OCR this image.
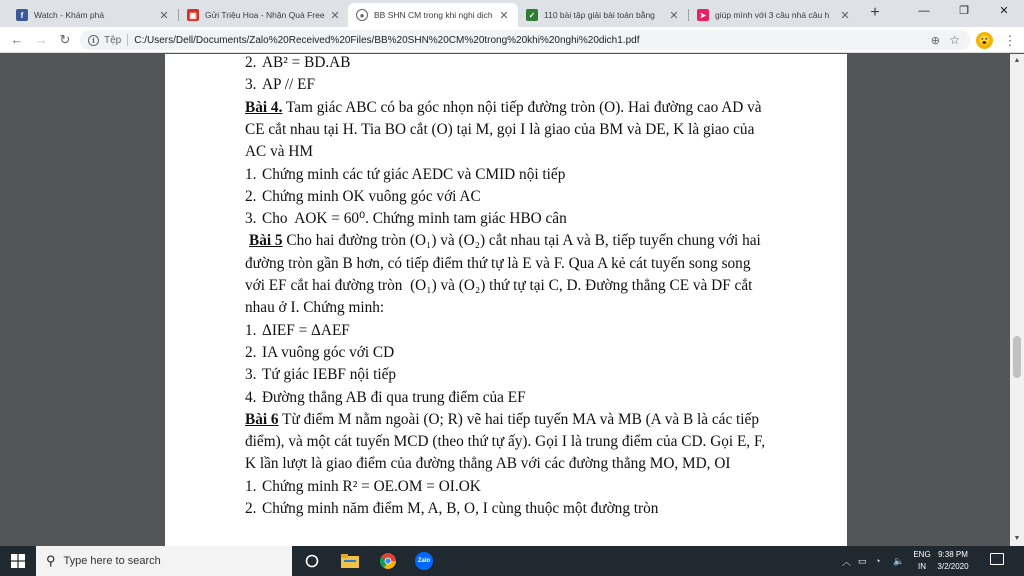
f	Watch - Khám phá	✕	▣ Gửi Triệu Hoa - Nhận Quà Free ✕	●	BB SHN CM trong khi nghi dịch ✕	✓	110 bài tập giải bài toán bằng	✕	➤	giúp mình với 3 câu nhá câu h	✕ +	—	❐	✕
← → ↻	i Tệp C:/Users/Dell/Documents/Zalo%20Received%20Files/BB%20SHN%20CM%20trong%20khi%20nghi%20dich1.pdf	⊕ ☆ 😮 ⋮
2. AB² = BD.AB
3. AP // EF
Bài 4. Tam giác ABC có ba góc nhọn nội tiếp đường tròn (O). Hai đường cao AD và
CE cắt nhau tại H. Tia BO cắt (O) tại M, gọi I là giao của BM và DE, K là giao của
AC và HM
1. Chứng minh các tứ giác AEDC và CMID nội tiếp
2. Chứng minh OK vuông góc với AC
3. Cho  AOK = 60⁰. Chứng minh tam giác HBO cân
Bài 5 Cho hai đường tròn (O₁) và (O₂) cắt nhau tại A và B, tiếp tuyến chung với hai
đường tròn gần B hơn, có tiếp điểm thứ tự là E và F. Qua A kẻ cát tuyến song song
với EF cắt hai đường tròn  (O₁) và (O₂) thứ tự tại C, D. Đường thẳng CE và DF cắt
nhau ở I. Chứng minh:
1. ΔIEF = ΔAEF
2. IA vuông góc với CD
3. Tứ giác IEBF nội tiếp
4. Đường thẳng AB đi qua trung điểm của EF
Bài 6 Từ điểm M nằm ngoài (O; R) vẽ hai tiếp tuyến MA và MB (A và B là các tiếp
điểm), và một cát tuyến MCD (theo thứ tự ấy). Gọi I là trung điểm của CD. Gọi E, F,
K lần lượt là giao điểm của đường thẳng AB với các đường thẳng MO, MD, OI
1. Chứng minh R² = OE.OM = OI.OK
2. Chứng minh năm điểm M, A, B, O, I cùng thuộc một đường tròn
▲
▼
⚲ Type here to search	Zalo	︿ ▭ ◔ 🔈
ENG
IN
9:38 PM
3/2/2020
